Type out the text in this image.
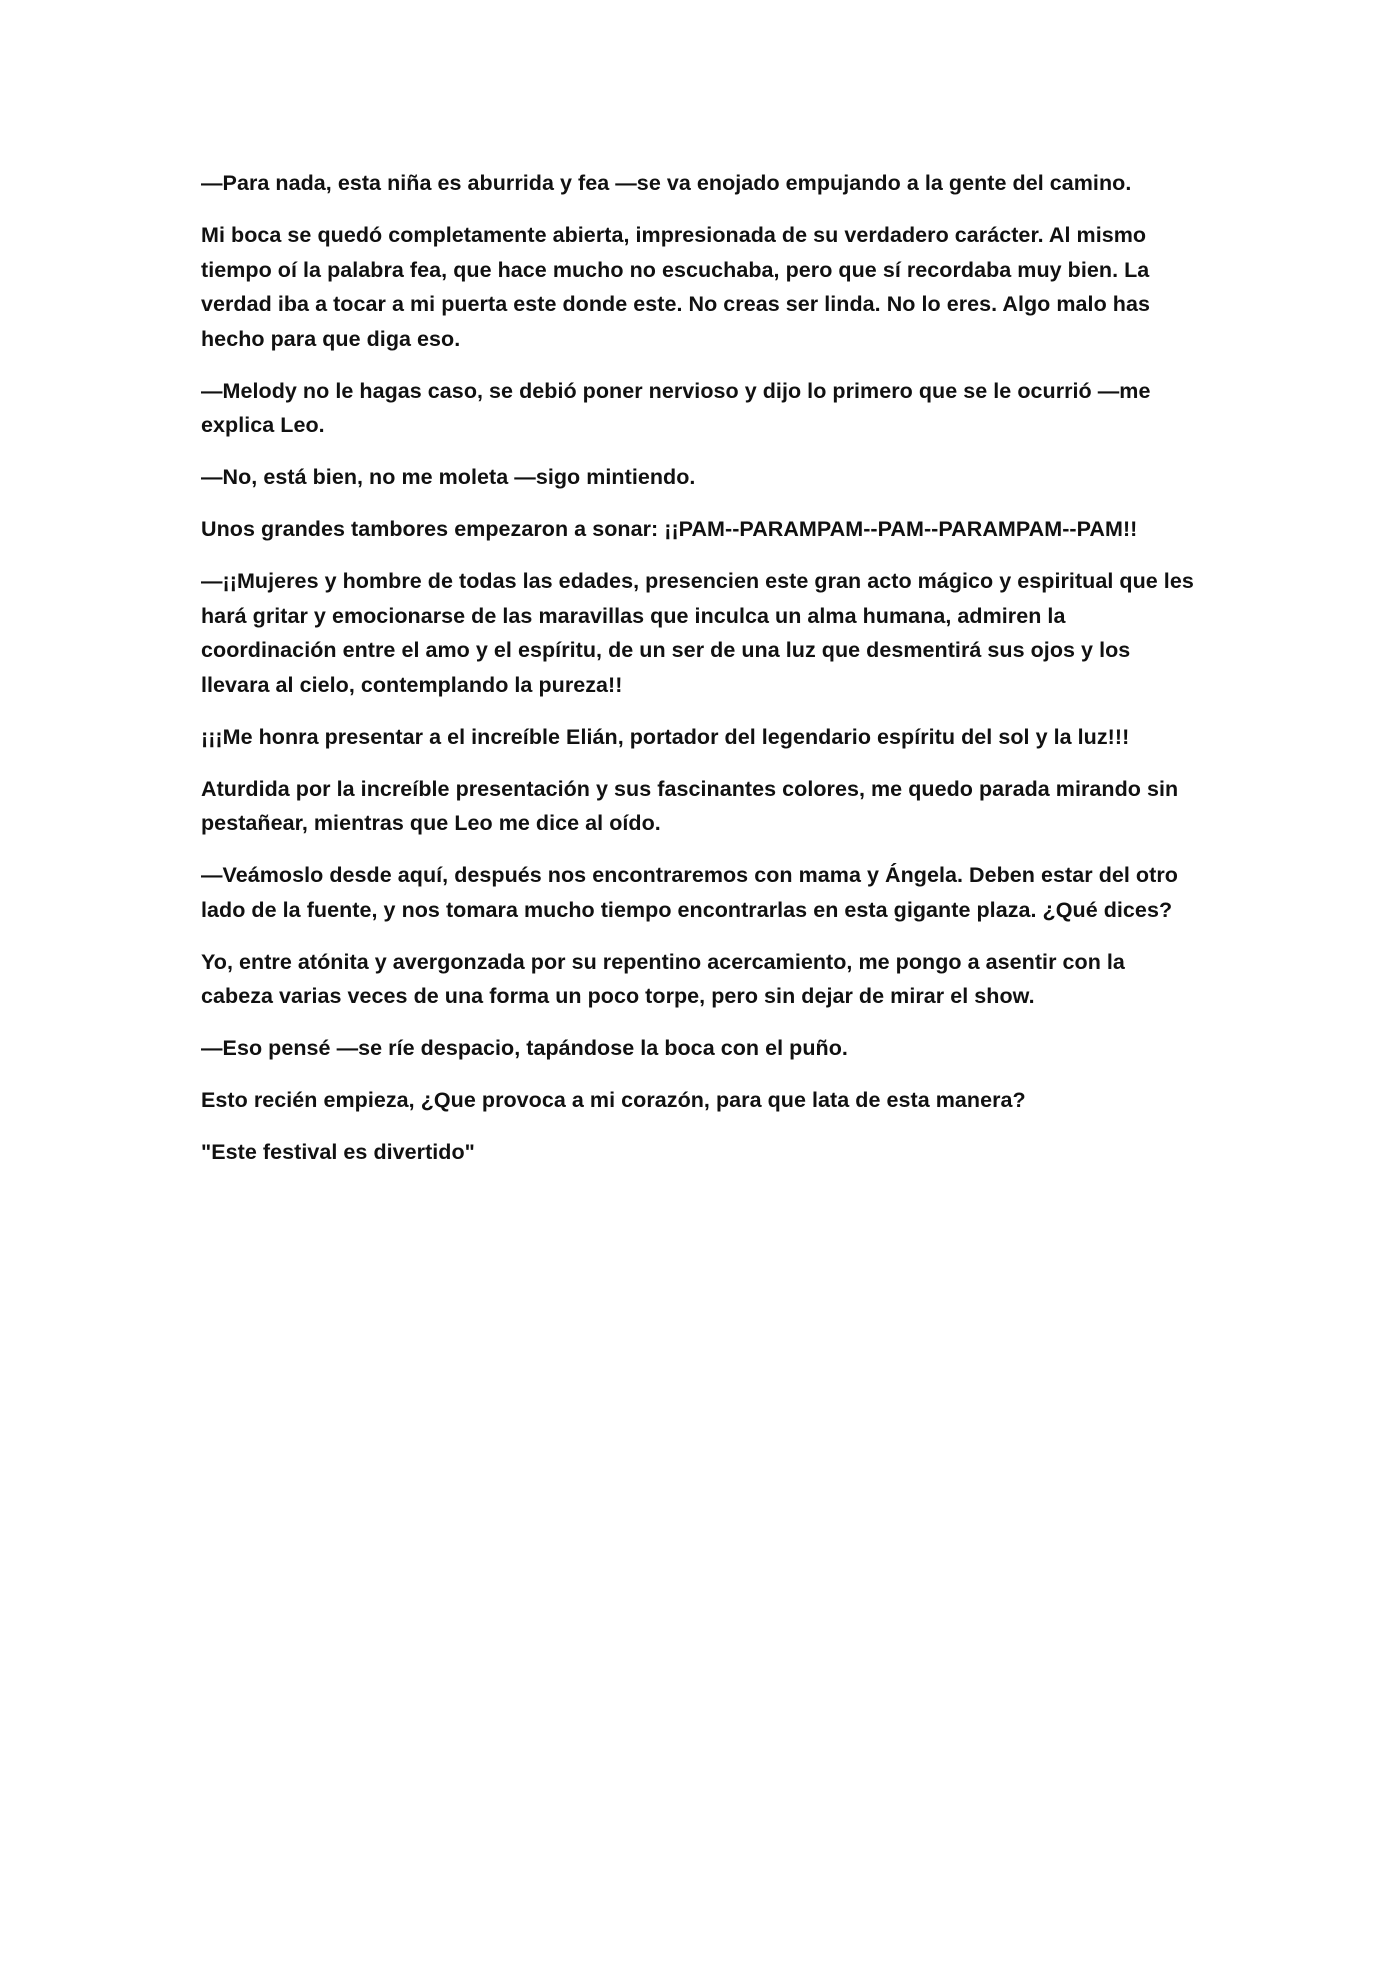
—Para nada, esta niña es aburrida y fea —se va enojado empujando a la gente del camino.

Mi boca se quedó completamente abierta, impresionada de su verdadero carácter. Al mismo tiempo oí la palabra fea, que hace mucho no escuchaba, pero que sí recordaba muy bien. La verdad iba a tocar a mi puerta este donde este. No creas ser linda. No lo eres. Algo malo has hecho para que diga eso.

—Melody no le hagas caso, se debió poner nervioso y dijo lo primero que se le ocurrió —me explica Leo.

—No, está bien, no me moleta —sigo mintiendo.

Unos grandes tambores empezaron a sonar: ¡¡PAM--PARAMPAM--PAM--PARAMPAM--PAM!!

—¡¡Mujeres y hombre de todas las edades, presencien este gran acto mágico y espiritual que les hará gritar y emocionarse de las maravillas que inculca un alma humana, admiren la coordinación entre el amo y el espíritu, de un ser de una luz que desmentirá sus ojos y los llevara al cielo, contemplando la pureza!!

¡¡¡Me honra presentar a el increíble Elián, portador del legendario espíritu del sol y la luz!!!

Aturdida por la increíble presentación y sus fascinantes colores, me quedo parada mirando sin pestañear, mientras que Leo me dice al oído.

—Veámoslo desde aquí, después nos encontraremos con mama y Ángela. Deben estar del otro lado de la fuente, y nos tomara mucho tiempo encontrarlas en esta gigante plaza. ¿Qué dices?

Yo, entre atónita y avergonzada por su repentino acercamiento, me pongo a asentir con la cabeza varias veces de una forma un poco torpe, pero sin dejar de mirar el show.

—Eso pensé —se ríe despacio, tapándose la boca con el puño.

Esto recién empieza, ¿Que provoca a mi corazón, para que lata de esta manera?

"Este festival es divertido"
